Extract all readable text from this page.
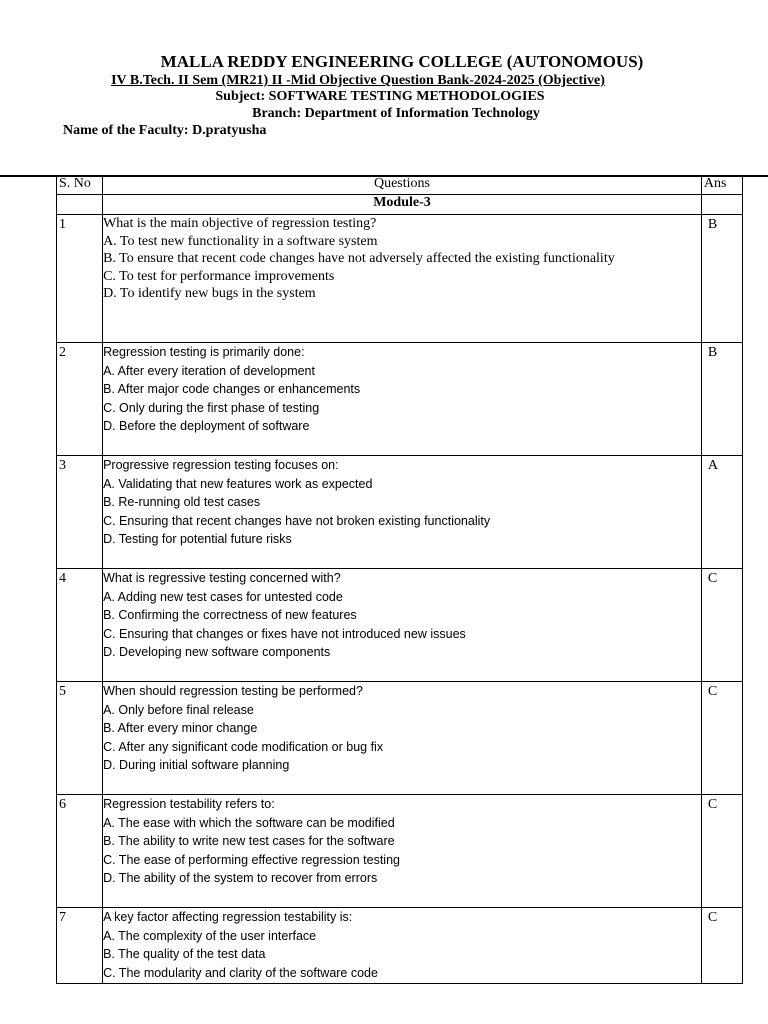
MALLA REDDY ENGINEERING COLLEGE (AUTONOMOUS)
IV B.Tech. II Sem (MR21) II -Mid Objective Question Bank-2024-2025 (Objective)
Subject: SOFTWARE TESTING METHODOLOGIES
Branch: Department of Information Technology
Name of the Faculty: D.pratyusha
S. No	Questions	Ans
	Module-3	

1	What is the main objective of regression testing?
A. To test new functionality in a software system
B. To ensure that recent code changes have not adversely affected the existing functionality
C. To test for performance improvements
D. To identify new bugs in the system	B

2	Regression testing is primarily done:
A. After every iteration of development
B. After major code changes or enhancements
C. Only during the first phase of testing
D. Before the deployment of software	B

3	Progressive regression testing focuses on:
A. Validating that new features work as expected
B. Re-running old test cases
C. Ensuring that recent changes have not broken existing functionality
D. Testing for potential future risks	A

4	What is regressive testing concerned with?
A. Adding new test cases for untested code
B. Confirming the correctness of new features
C. Ensuring that changes or fixes have not introduced new issues
D. Developing new software components	C

5	When should regression testing be performed?
A. Only before final release
B. After every minor change
C. After any significant code modification or bug fix
D. During initial software planning	C

6	Regression testability refers to:
A. The ease with which the software can be modified
B. The ability to write new test cases for the software
C. The ease of performing effective regression testing
D. The ability of the system to recover from errors	C

7	A key factor affecting regression testability is:
A. The complexity of the user interface
B. The quality of the test data
C. The modularity and clarity of the software code	C
